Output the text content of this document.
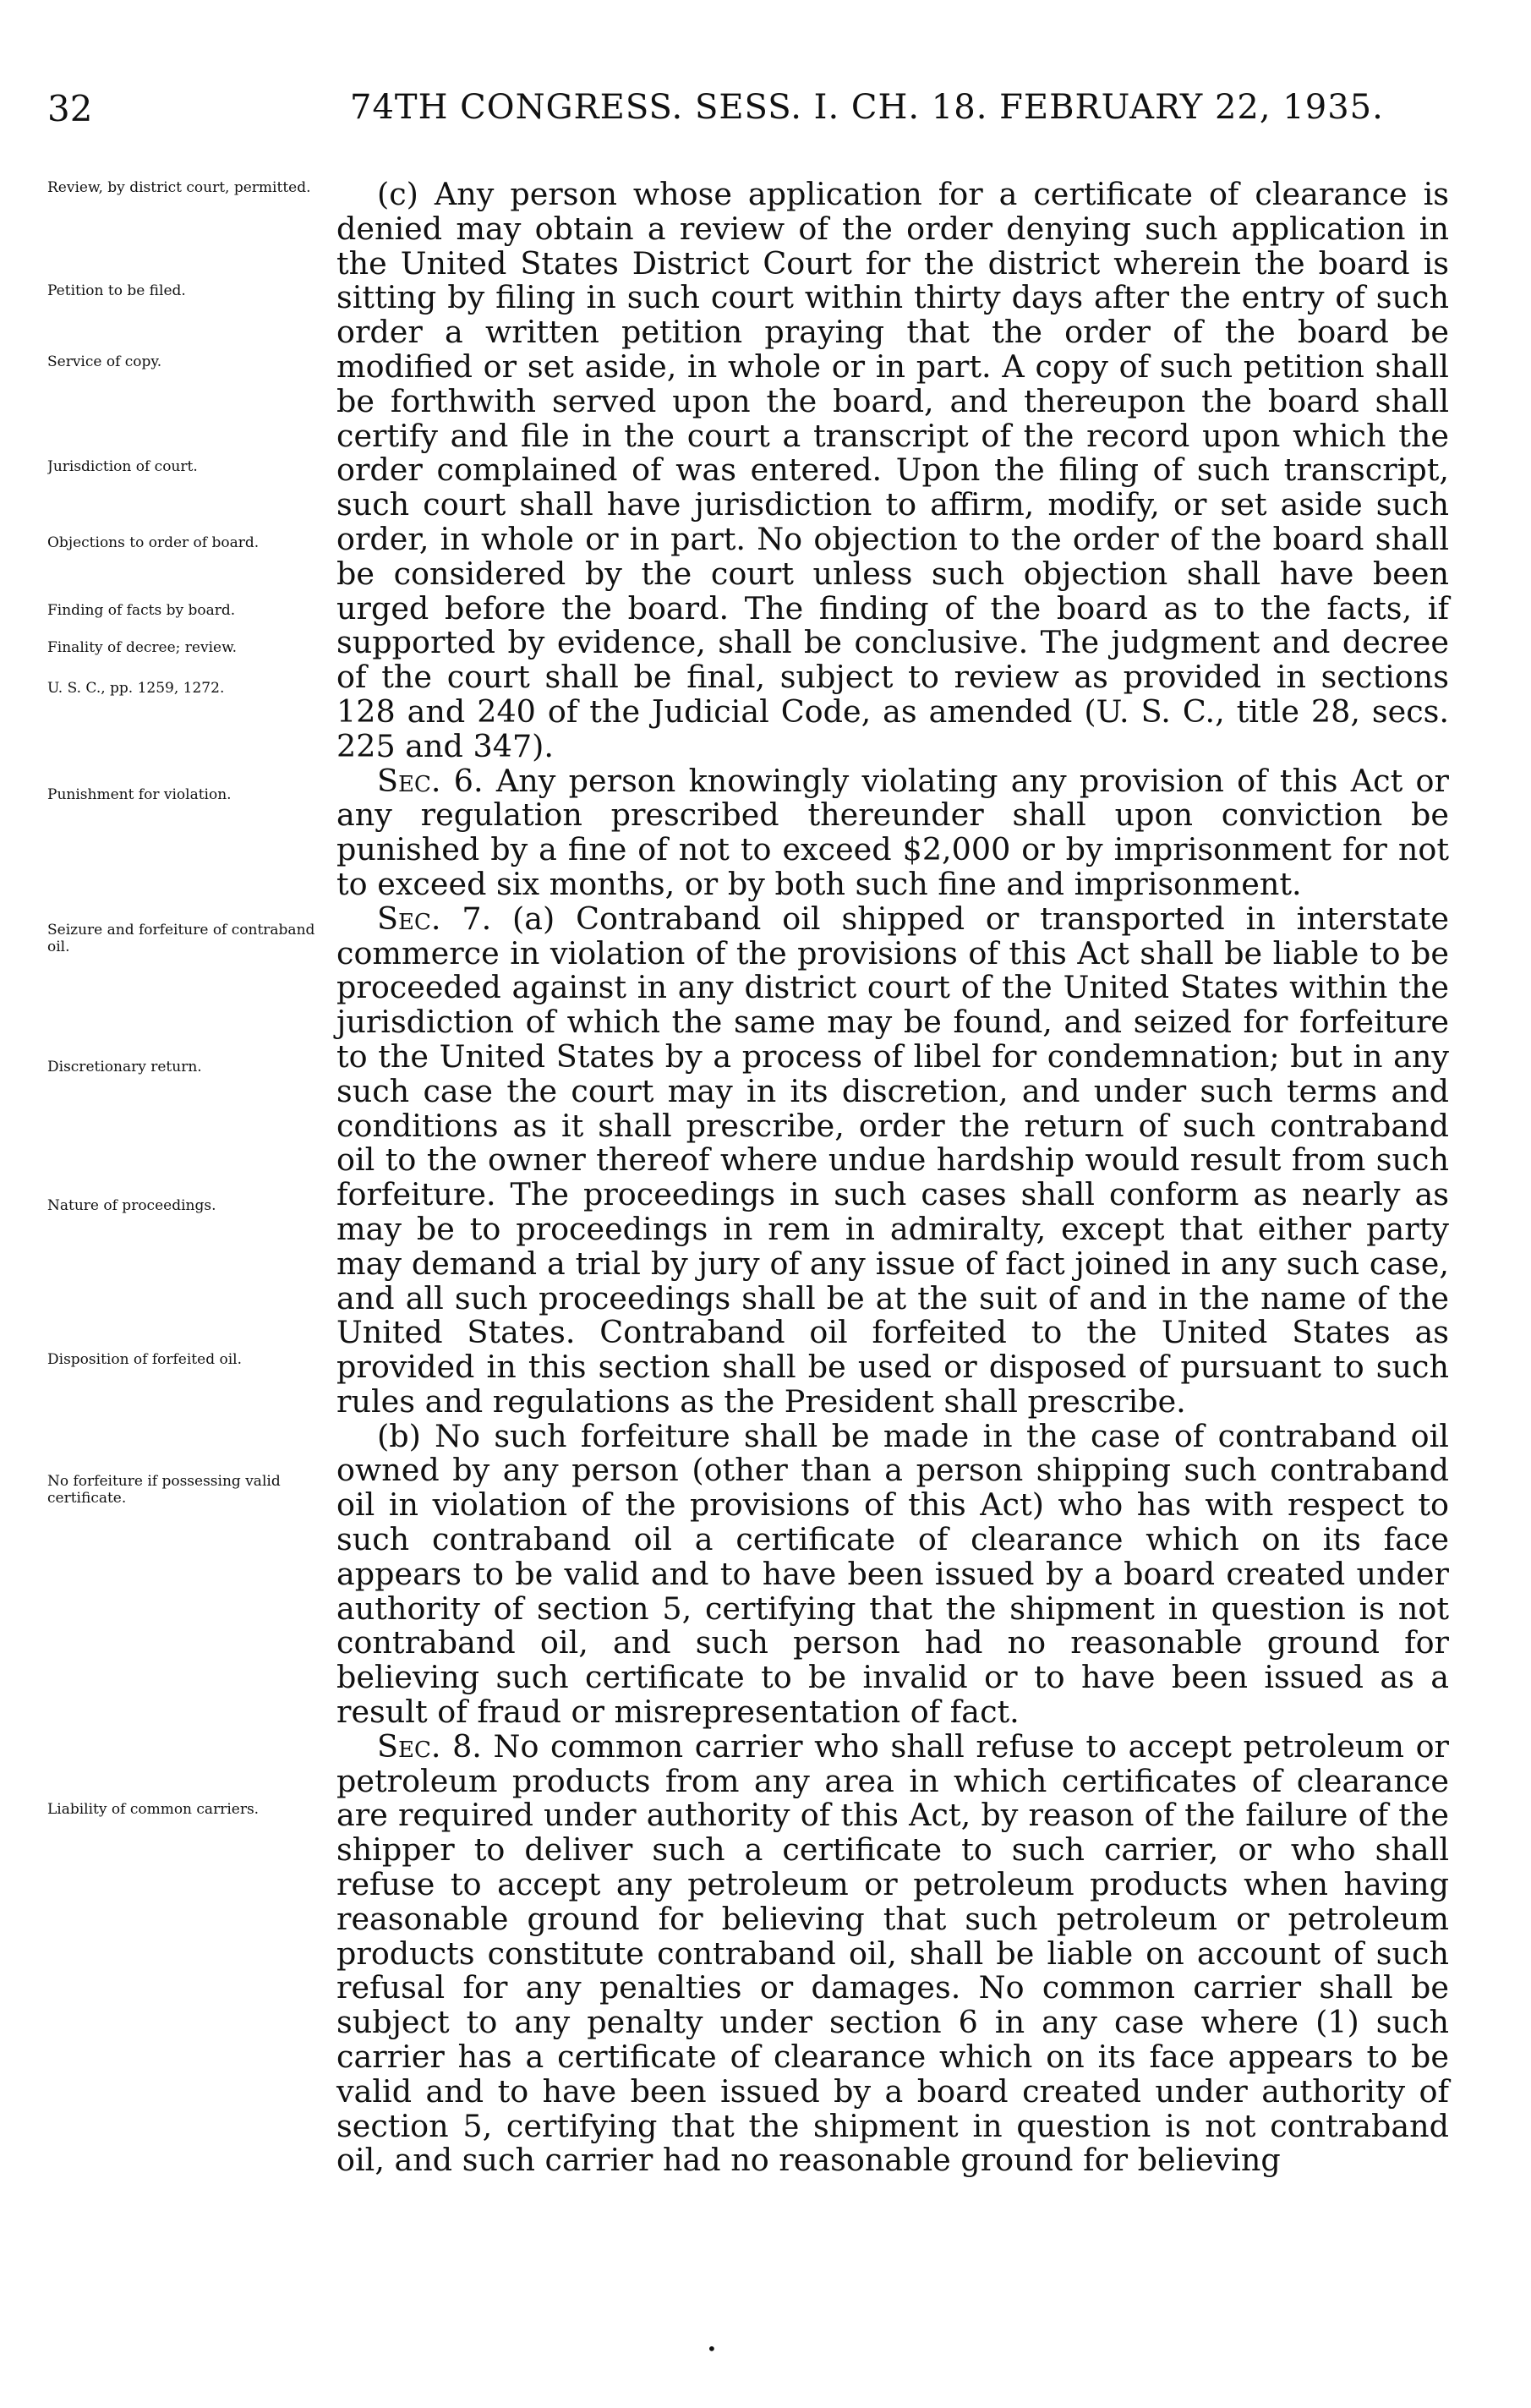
32	74TH CONGRESS. SESS. I. CH. 18. FEBRUARY 22, 1935.
Review, by district court, permitted.
Petition to be filed.
Service of copy.
Jurisdiction of court.
Objections to order of board.
Finding of facts by board.
Finality of decree; review.
U. S. C., pp. 1259, 1272.
Punishment for violation.
Seizure and forfeiture of contraband oil.
Discretionary return.
Nature of proceedings.
Disposition of forfeited oil.
No forfeiture if possessing valid certificate.
Liability of common carriers.

(c) Any person whose application for a certificate of clearance is denied may obtain a review of the order denying such application in the United States District Court for the district wherein the board is sitting by filing in such court within thirty days after the entry of such order a written petition praying that the order of the board be modified or set aside, in whole or in part. A copy of such petition shall be forthwith served upon the board, and thereupon the board shall certify and file in the court a transcript of the record upon which the order complained of was entered. Upon the filing of such transcript, such court shall have jurisdiction to affirm, modify, or set aside such order, in whole or in part. No objection to the order of the board shall be considered by the court unless such objection shall have been urged before the board. The finding of the board as to the facts, if supported by evidence, shall be conclusive. The judgment and decree of the court shall be final, subject to review as provided in sections 128 and 240 of the Judicial Code, as amended (U. S. C., title 28, secs. 225 and 347).

Sec. 6. Any person knowingly violating any provision of this Act or any regulation prescribed thereunder shall upon conviction be punished by a fine of not to exceed $2,000 or by imprisonment for not to exceed six months, or by both such fine and imprisonment.

Sec. 7. (a) Contraband oil shipped or transported in interstate commerce in violation of the provisions of this Act shall be liable to be proceeded against in any district court of the United States within the jurisdiction of which the same may be found, and seized for forfeiture to the United States by a process of libel for condemnation; but in any such case the court may in its discretion, and under such terms and conditions as it shall prescribe, order the return of such contraband oil to the owner thereof where undue hardship would result from such forfeiture. The proceedings in such cases shall conform as nearly as may be to proceedings in rem in admiralty, except that either party may demand a trial by jury of any issue of fact joined in any such case, and all such proceedings shall be at the suit of and in the name of the United States. Contraband oil forfeited to the United States as provided in this section shall be used or disposed of pursuant to such rules and regulations as the President shall prescribe.

(b) No such forfeiture shall be made in the case of contraband oil owned by any person (other than a person shipping such contraband oil in violation of the provisions of this Act) who has with respect to such contraband oil a certificate of clearance which on its face appears to be valid and to have been issued by a board created under authority of section 5, certifying that the shipment in question is not contraband oil, and such person had no reasonable ground for believing such certificate to be invalid or to have been issued as a result of fraud or misrepresentation of fact.

Sec. 8. No common carrier who shall refuse to accept petroleum or petroleum products from any area in which certificates of clearance are required under authority of this Act, by reason of the failure of the shipper to deliver such a certificate to such carrier, or who shall refuse to accept any petroleum or petroleum products when having reasonable ground for believing that such petroleum or petroleum products constitute contraband oil, shall be liable on account of such refusal for any penalties or damages. No common carrier shall be subject to any penalty under section 6 in any case where (1) such carrier has a certificate of clearance which on its face appears to be valid and to have been issued by a board created under authority of section 5, certifying that the shipment in question is not contraband oil, and such carrier had no reasonable ground for believing

•
